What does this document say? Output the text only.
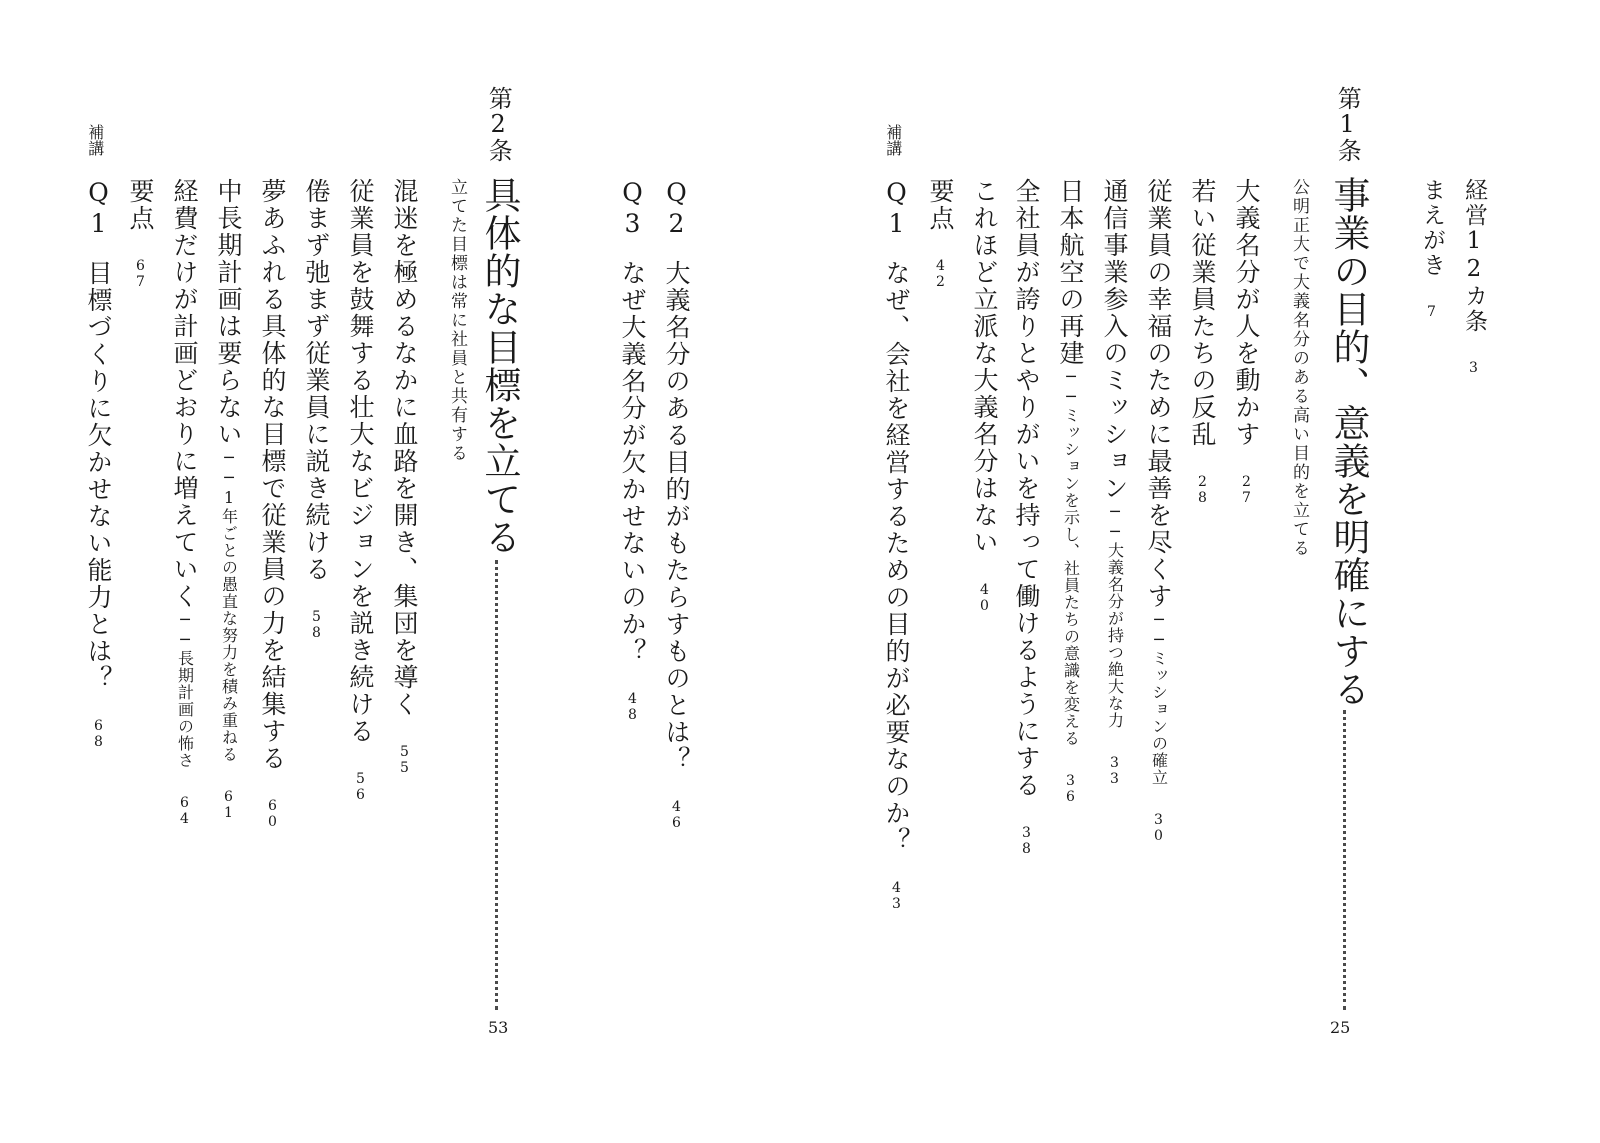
経営12カ条
3
まえがき
7
第1条
事業の目的、意義を明確にする
公明正大で大義名分のある高い目的を立てる
25
大義名分が人を動かす
27
若い従業員たちの反乱
28
従業員の幸福のために最善を尽くす
──ミッションの確立
30
通信事業参入のミッション
──大義名分が持つ絶大な力
33
日本航空の再建
──ミッションを示し、社員たちの意識を変える
36
全社員が誇りとやりがいを持って働けるようにする
38
これほど立派な大義名分はない
40
要点
42
補講
Q1
なぜ、会社を経営するための目的が必要なのか？
43
Q2
大義名分のある目的がもたらすものとは？
46
Q3
なぜ大義名分が欠かせないのか？
48
第2条
具体的な目標を立てる
立てた目標は常に社員と共有する
53
混迷を極めるなかに血路を開き、集団を導く
55
従業員を鼓舞する壮大なビジョンを説き続ける
56
倦まず弛まず従業員に説き続ける
58
夢あふれる具体的な目標で従業員の力を結集する
60
中長期計画は要らない
──1年ごとの愚直な努力を積み重ねる
61
経費だけが計画どおりに増えていく
──長期計画の怖さ
64
要点
67
補講
Q1
目標づくりに欠かせない能力とは？
68
